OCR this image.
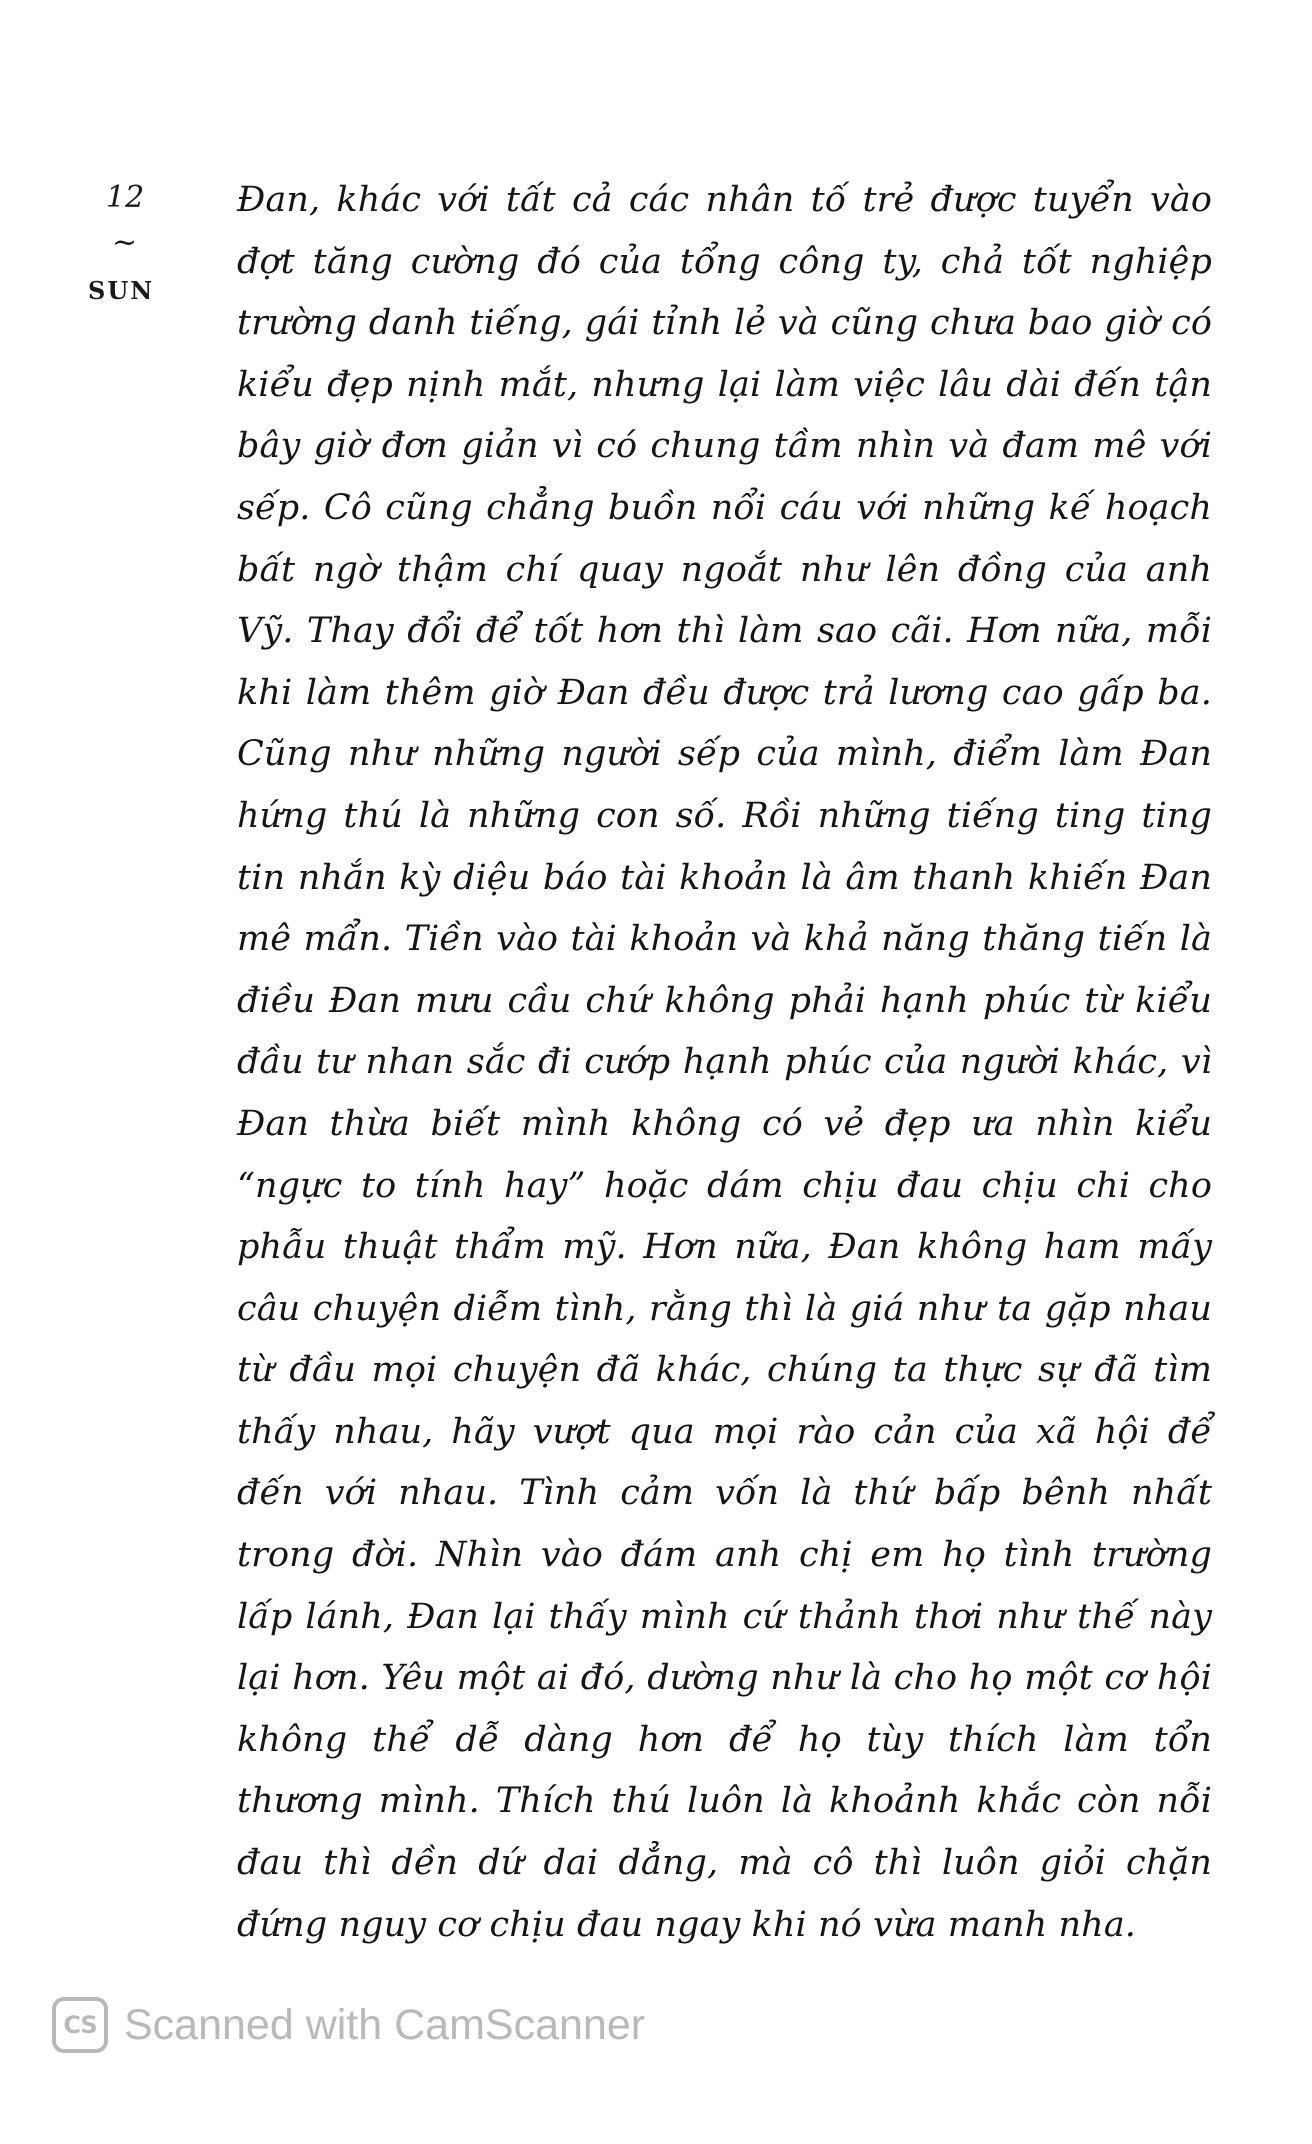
12
~
SUN

Đan, khác với tất cả các nhân tố trẻ được tuyển vào đợt tăng cường đó của tổng công ty, chả tốt nghiệp trường danh tiếng, gái tỉnh lẻ và cũng chưa bao giờ có kiểu đẹp nịnh mắt, nhưng lại làm việc lâu dài đến tận bây giờ đơn giản vì có chung tầm nhìn và đam mê với sếp. Cô cũng chẳng buồn nổi cáu với những kế hoạch bất ngờ thậm chí quay ngoắt như lên đồng của anh Vỹ. Thay đổi để tốt hơn thì làm sao cãi. Hơn nữa, mỗi khi làm thêm giờ Đan đều được trả lương cao gấp ba. Cũng như những người sếp của mình, điểm làm Đan hứng thú là những con số. Rồi những tiếng ting ting tin nhắn kỳ diệu báo tài khoản là âm thanh khiến Đan mê mẩn. Tiền vào tài khoản và khả năng thăng tiến là điều Đan mưu cầu chứ không phải hạnh phúc từ kiểu đầu tư nhan sắc đi cướp hạnh phúc của người khác, vì Đan thừa biết mình không có vẻ đẹp ưa nhìn kiểu “ngực to tính hay” hoặc dám chịu đau chịu chi cho phẫu thuật thẩm mỹ. Hơn nữa, Đan không ham mấy câu chuyện diễm tình, rằng thì là giá như ta gặp nhau từ đầu mọi chuyện đã khác, chúng ta thực sự đã tìm thấy nhau, hãy vượt qua mọi rào cản của xã hội để đến với nhau. Tình cảm vốn là thứ bấp bênh nhất trong đời. Nhìn vào đám anh chị em họ tình trường lấp lánh, Đan lại thấy mình cứ thảnh thơi như thế này lại hơn. Yêu một ai đó, dường như là cho họ một cơ hội không thể dễ dàng hơn để họ tùy thích làm tổn thương mình. Thích thú luôn là khoảnh khắc còn nỗi đau thì dền dứ dai dẳng, mà cô thì luôn giỏi chặn đứng nguy cơ chịu đau ngay khi nó vừa manh nha.

CS Scanned with CamScanner
